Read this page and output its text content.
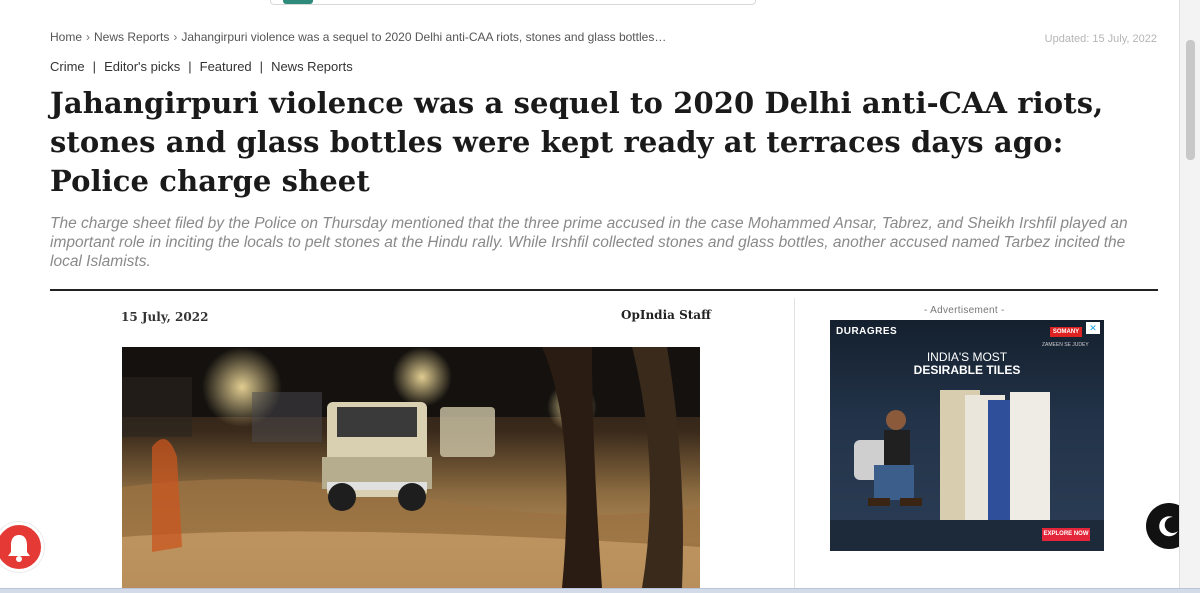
Home › News Reports › Jahangirpuri violence was a sequel to 2020 Delhi anti-CAA riots, stones and glass bottles…	Updated: 15 July, 2022
Crime | Editor's picks | Featured | News Reports
Jahangirpuri violence was a sequel to 2020 Delhi anti-CAA riots, stones and glass bottles were kept ready at terraces days ago: Police charge sheet

The charge sheet filed by the Police on Thursday mentioned that the three prime accused in the case Mohammed Ansar, Tabrez, and Sheikh Irshfil played an important role in inciting the locals to pelt stones at the Hindu rally. While Irshfil collected stones and glass bottles, another accused named Tarbez incited the local Islamists.

15 July, 2022	OpIndia Staff	- Advertisement -
DURAGRES	SOMANY
ZAMEEN SE JUDEY
✕
INDIA'S MOST
DESIRABLE TILES
EXPLORE NOW
